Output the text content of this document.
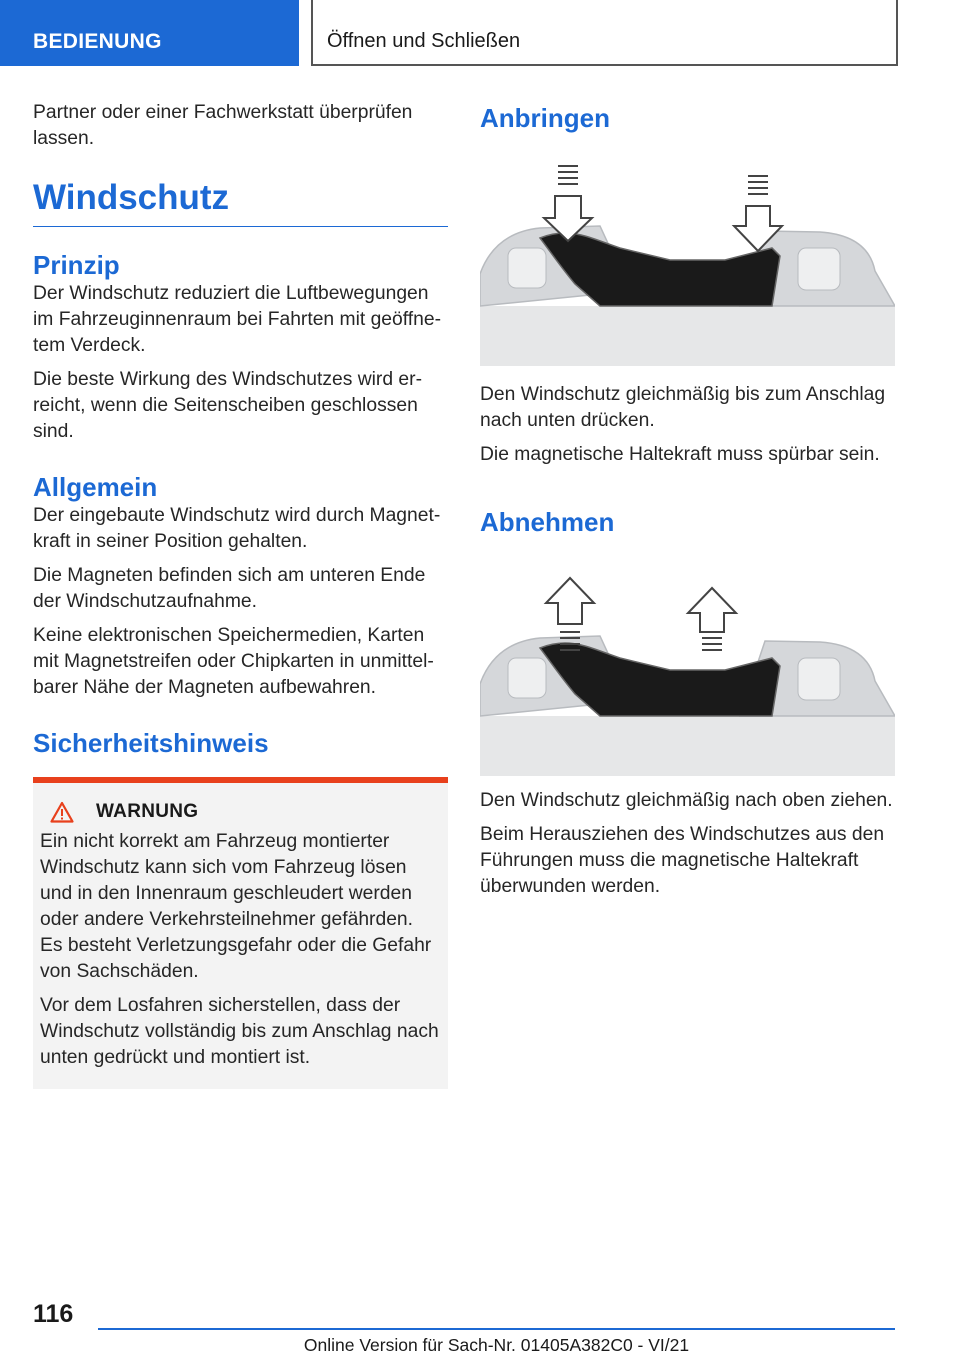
BEDIENUNG	Öffnen und Schließen

Partner oder einer Fachwerkstatt überprüfen lassen.

Windschutz
Prinzip

Der Windschutz reduziert die Luftbewegungen im Fahrzeuginnenraum bei Fahrten mit geöffnetem Verdeck.

Die beste Wirkung des Windschutzes wird erreicht, wenn die Seitenscheiben geschlossen sind.

Allgemein

Der eingebaute Windschutz wird durch Magnetkraft in seiner Position gehalten.

Die Magneten befinden sich am unteren Ende der Windschutzaufnahme.

Keine elektronischen Speichermedien, Karten mit Magnetstreifen oder Chipkarten in unmittelbarer Nähe der Magneten aufbewahren.

Sicherheitshinweis
WARNUNG

Ein nicht korrekt am Fahrzeug montierter Windschutz kann sich vom Fahrzeug lösen und in den Innenraum geschleudert werden oder andere Verkehrsteilnehmer gefährden. Es besteht Verletzungsgefahr oder die Gefahr von Sachschäden.

Vor dem Losfahren sicherstellen, dass der Windschutz vollständig bis zum Anschlag nach unten gedrückt und montiert ist.

Anbringen

Den Windschutz gleichmäßig bis zum Anschlag nach unten drücken.

Die magnetische Haltekraft muss spürbar sein.

Abnehmen

Den Windschutz gleichmäßig nach oben ziehen.

Beim Herausziehen des Windschutzes aus den Führungen muss die magnetische Haltekraft überwunden werden.

116
Online Version für Sach-Nr. 01405A382C0 - VI/21
